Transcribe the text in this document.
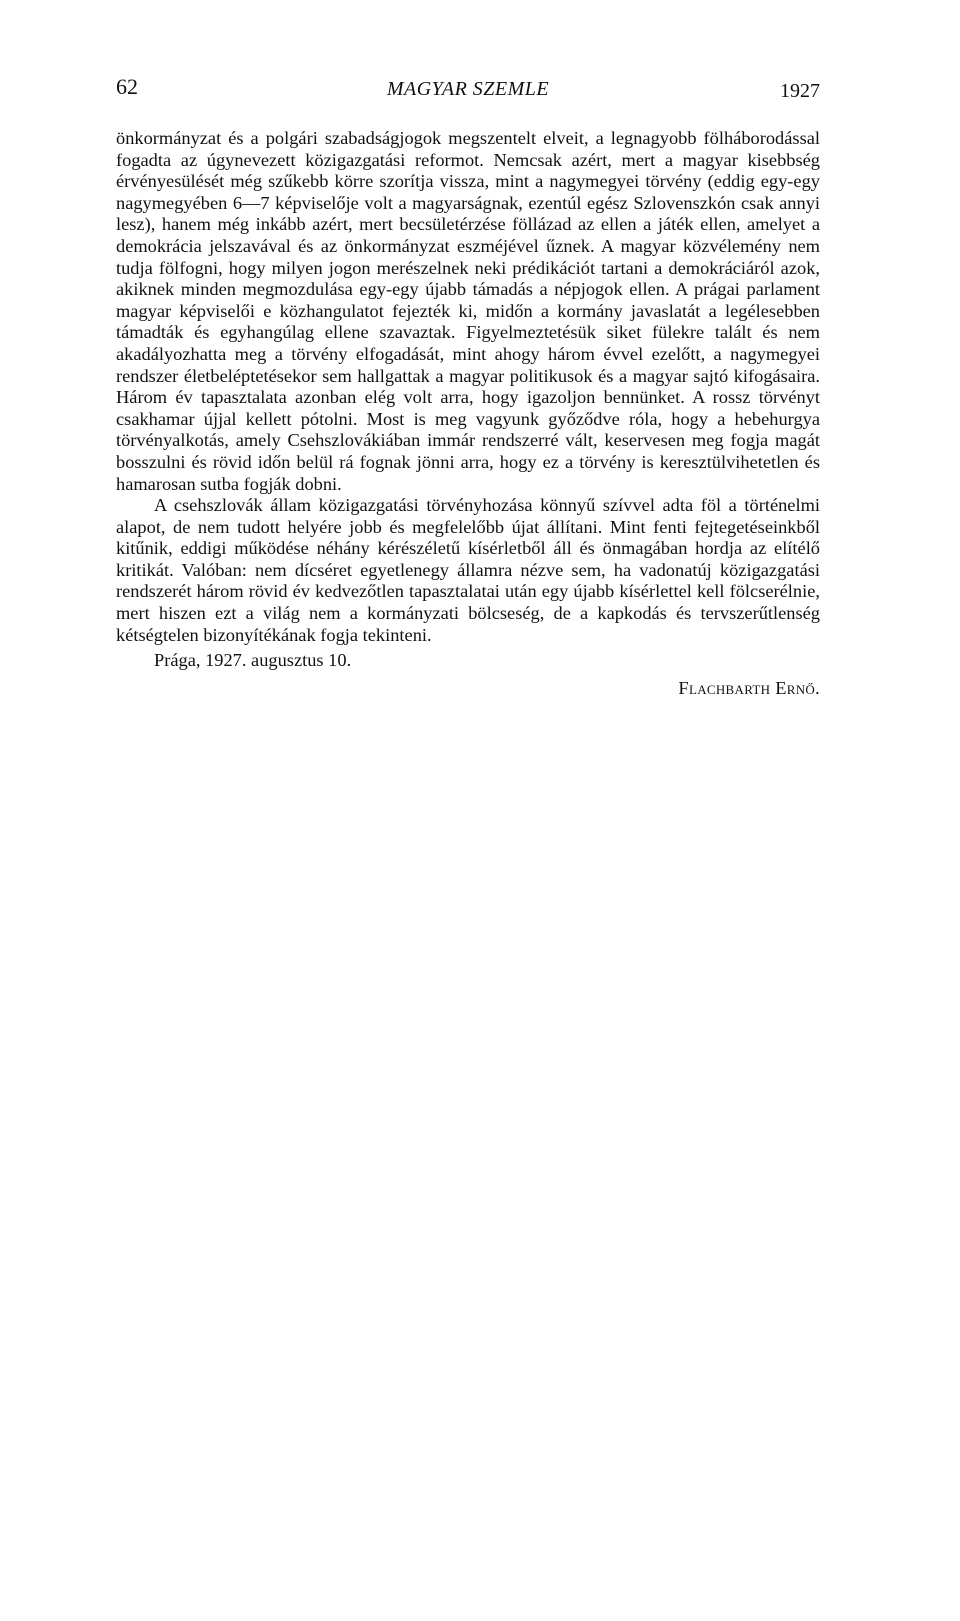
62	MAGYAR SZEMLE	1927

önkormányzat és a polgári szabadságjogok megszentelt elveit, a legnagyobb fölháborodással fogadta az úgynevezett közigazgatási reformot. Nemcsak azért, mert a magyar kisebbség érvényesülését még szűkebb körre szorítja vissza, mint a nagymegyei törvény (eddig egy-egy nagymegyében 6—7 képviselője volt a magyarságnak, ezentúl egész Szlovenszkón csak annyi lesz), hanem még inkább azért, mert becsületérzése föllázad az ellen a játék ellen, amelyet a demokrácia jelszavával és az önkormányzat eszméjével űznek. A magyar közvélemény nem tudja fölfogni, hogy milyen jogon merészelnek neki prédikációt tartani a demokráciáról azok, akiknek minden megmozdulása egy-egy újabb támadás a népjogok ellen. A prágai parlament magyar képviselői e közhangulatot fejezték ki, midőn a kormány javaslatát a legélesebben támadták és egyhangúlag ellene szavaztak. Figyelmeztetésük siket fülekre talált és nem akadályozhatta meg a törvény elfogadását, mint ahogy három évvel ezelőtt, a nagymegyei rendszer életbeléptetésekor sem hallgattak a magyar politikusok és a magyar sajtó kifogásaira. Három év tapasztalata azonban elég volt arra, hogy igazoljon bennünket. A rossz törvényt csakhamar újjal kellett pótolni. Most is meg vagyunk győződve róla, hogy a hebehurgya törvényalkotás, amely Csehszlovákiában immár rendszerré vált, keservesen meg fogja magát bosszulni és rövid időn belül rá fognak jönni arra, hogy ez a törvény is keresztülvihetetlen és hamarosan sutba fogják dobni.

A csehszlovák állam közigazgatási törvényhozása könnyű szívvel adta föl a történelmi alapot, de nem tudott helyére jobb és megfelelőbb újat állítani. Mint fenti fejtegetéseinkből kitűnik, eddigi működése néhány kérészéletű kísérletből áll és önmagában hordja az elítélő kritikát. Valóban: nem dícséret egyetlenegy államra nézve sem, ha vadonatúj közigazgatási rendszerét három rövid év kedvezőtlen tapasztalatai után egy újabb kísérlettel kell fölcserélnie, mert hiszen ezt a világ nem a kormányzati bölcseség, de a kapkodás és tervszerűtlenség kétségtelen bizonyítékának fogja tekinteni.

Prága, 1927. augusztus 10.
Flachbarth Ernő.
